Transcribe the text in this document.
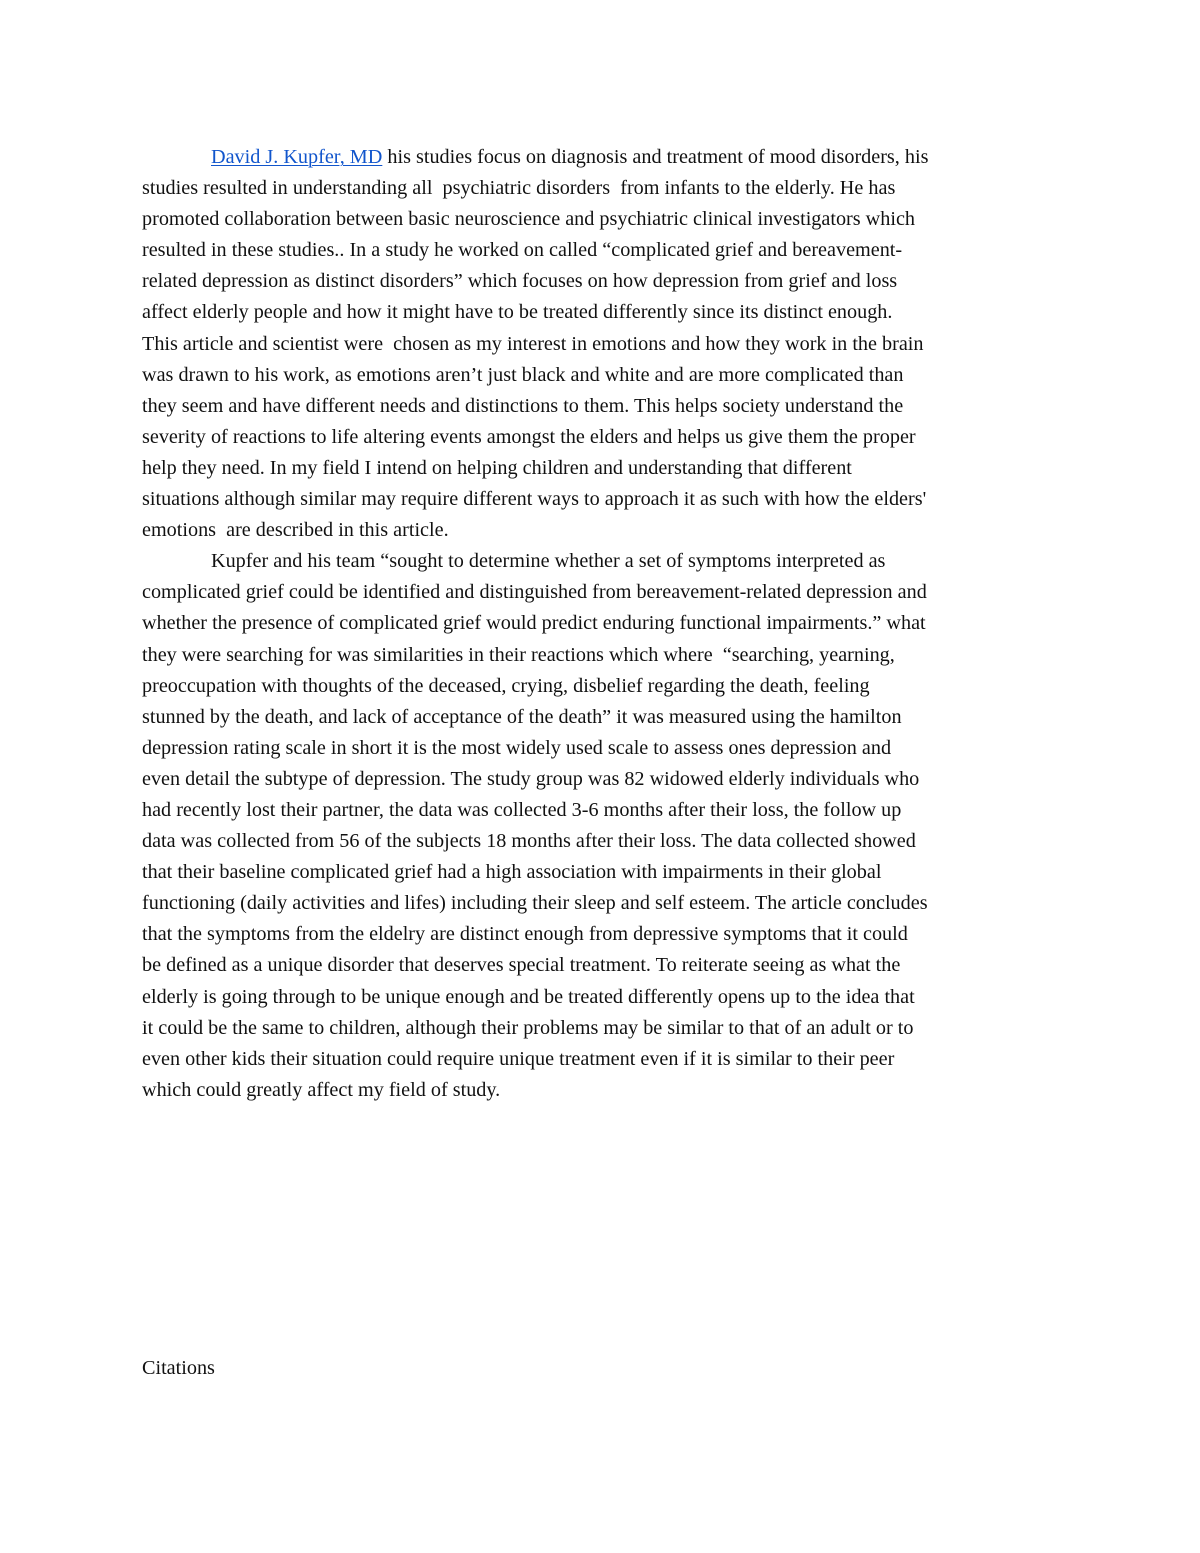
David J. Kupfer, MD his studies focus on diagnosis and treatment of mood disorders, his
studies resulted in understanding all  psychiatric disorders  from infants to the elderly. He has
promoted collaboration between basic neuroscience and psychiatric clinical investigators which
resulted in these studies.. In a study he worked on called “complicated grief and bereavement-
related depression as distinct disorders” which focuses on how depression from grief and loss
affect elderly people and how it might have to be treated differently since its distinct enough.
This article and scientist were  chosen as my interest in emotions and how they work in the brain
was drawn to his work, as emotions aren’t just black and white and are more complicated than
they seem and have different needs and distinctions to them. This helps society understand the
severity of reactions to life altering events amongst the elders and helps us give them the proper
help they need. In my field I intend on helping children and understanding that different
situations although similar may require different ways to approach it as such with how the elders'
emotions  are described in this article.
Kupfer and his team “sought to determine whether a set of symptoms interpreted as
complicated grief could be identified and distinguished from bereavement-related depression and
whether the presence of complicated grief would predict enduring functional impairments.” what
they were searching for was similarities in their reactions which where  “searching, yearning,
preoccupation with thoughts of the deceased, crying, disbelief regarding the death, feeling
stunned by the death, and lack of acceptance of the death” it was measured using the hamilton
depression rating scale in short it is the most widely used scale to assess ones depression and
even detail the subtype of depression. The study group was 82 widowed elderly individuals who
had recently lost their partner, the data was collected 3-6 months after their loss, the follow up
data was collected from 56 of the subjects 18 months after their loss. The data collected showed
that their baseline complicated grief had a high association with impairments in their global
functioning (daily activities and lifes) including their sleep and self esteem. The article concludes
that the symptoms from the eldelry are distinct enough from depressive symptoms that it could
be defined as a unique disorder that deserves special treatment. To reiterate seeing as what the
elderly is going through to be unique enough and be treated differently opens up to the idea that
it could be the same to children, although their problems may be similar to that of an adult or to
even other kids their situation could require unique treatment even if it is similar to their peer
which could greatly affect my field of study.
Citations
